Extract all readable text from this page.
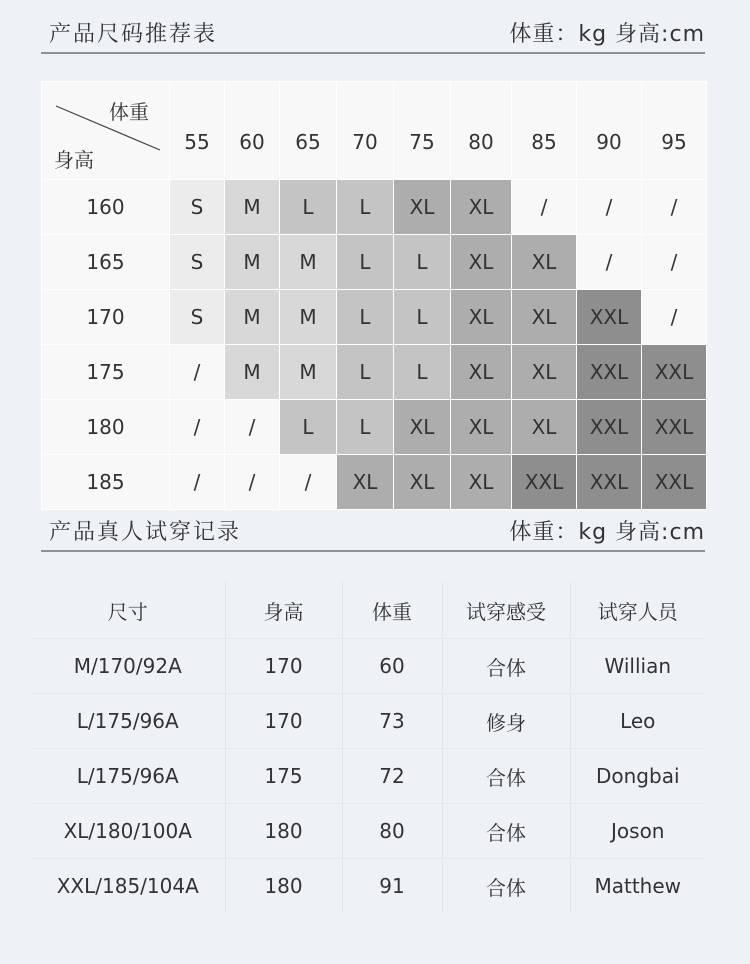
产品尺码推荐表	体重：kg 身高:cm
体重
身高	55	60	65	70	75	80	85	90	95
160	S	M	L	L	XL	XL	/	/	/
165	S	M	M	L	L	XL	XL	/	/
170	S	M	M	L	L	XL	XL	XXL	/
175	/	M	M	L	L	XL	XL	XXL	XXL
180	/	/	L	L	XL	XL	XL	XXL	XXL
185	/	/	/	XL	XL	XL	XXL	XXL	XXL
产品真人试穿记录	体重：kg 身高:cm
尺寸	身高	体重	试穿感受	试穿人员
M/170/92A	170	60	合体	Willian
L/175/96A	170	73	修身	Leo
L/175/96A	175	72	合体	Dongbai
XL/180/100A	180	80	合体	Joson
XXL/185/104A	180	91	合体	Matthew
